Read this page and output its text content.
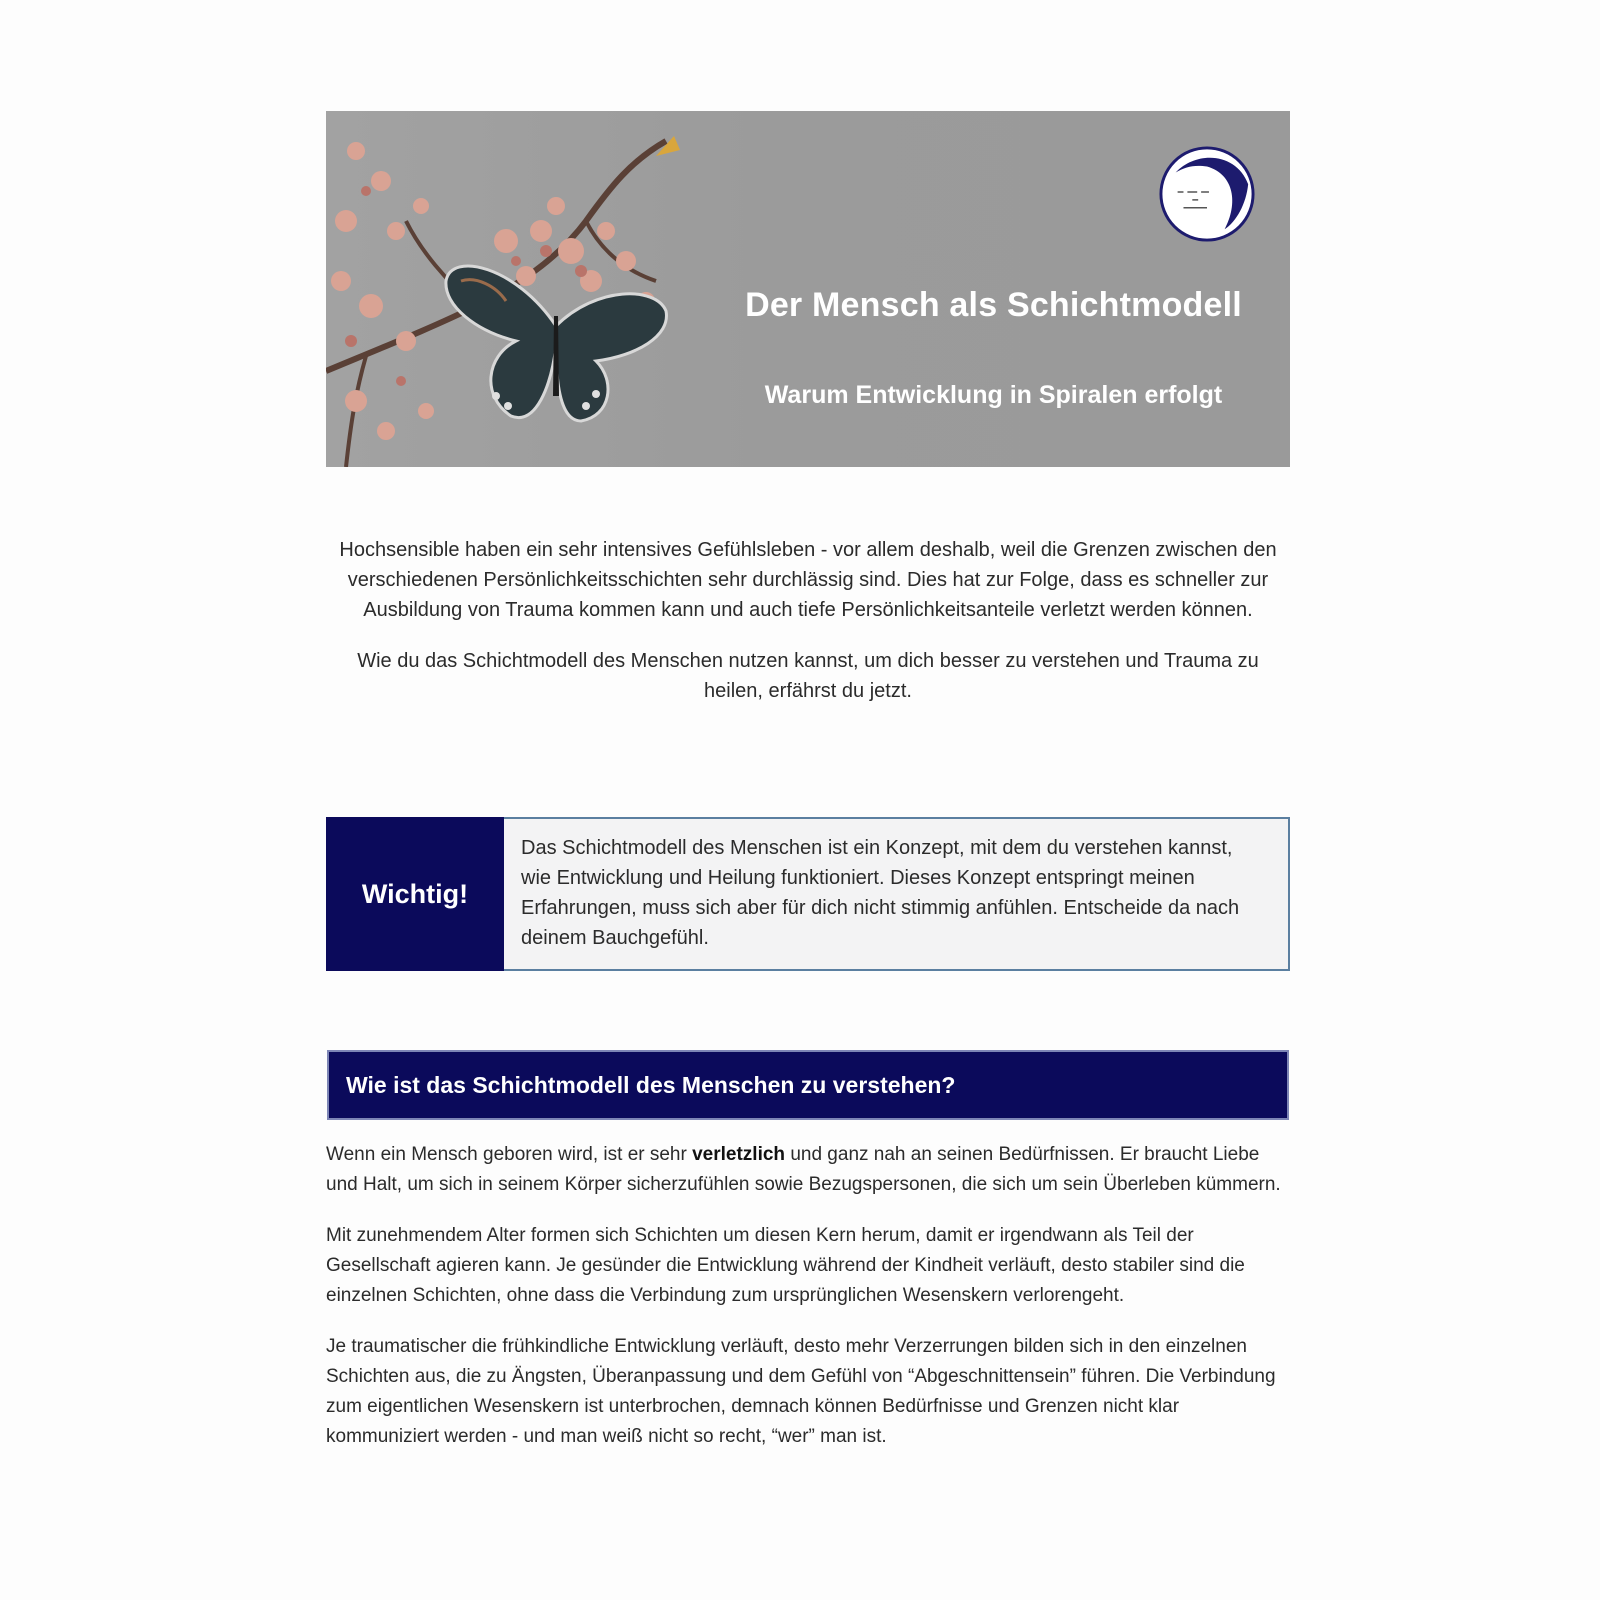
Der Mensch als Schichtmodell
Warum Entwicklung in Spiralen erfolgt

Hochsensible haben ein sehr intensives Gefühlsleben - vor allem deshalb, weil die Grenzen zwischen den verschiedenen Persönlichkeitsschichten sehr durchlässig sind. Dies hat zur Folge, dass es schneller zur Ausbildung von Trauma kommen kann und auch tiefe Persönlichkeitsanteile verletzt werden können.

Wie du das Schichtmodell des Menschen nutzen kannst, um dich besser zu verstehen und Trauma zu heilen, erfährst du jetzt.

Wichtig!
Das Schichtmodell des Menschen ist ein Konzept, mit dem du verstehen kannst, wie Entwicklung und Heilung funktioniert. Dieses Konzept entspringt meinen Erfahrungen, muss sich aber für dich nicht stimmig anfühlen. Entscheide da nach deinem Bauchgefühl.
Wie ist das Schichtmodell des Menschen zu verstehen?

Wenn ein Mensch geboren wird, ist er sehr verletzlich und ganz nah an seinen Bedürfnissen. Er braucht Liebe und Halt, um sich in seinem Körper sicherzufühlen sowie Bezugspersonen, die sich um sein Überleben kümmern.

Mit zunehmendem Alter formen sich Schichten um diesen Kern herum, damit er irgendwann als Teil der Gesellschaft agieren kann. Je gesünder die Entwicklung während der Kindheit verläuft, desto stabiler sind die einzelnen Schichten, ohne dass die Verbindung zum ursprünglichen Wesenskern verlorengeht.

Je traumatischer die frühkindliche Entwicklung verläuft, desto mehr Verzerrungen bilden sich in den einzelnen Schichten aus, die zu Ängsten, Überanpassung und dem Gefühl von “Abgeschnittensein” führen. Die Verbindung zum eigentlichen Wesenskern ist unterbrochen, demnach können Bedürfnisse und Grenzen nicht klar kommuniziert werden - und man weiß nicht so recht, “wer” man ist.
